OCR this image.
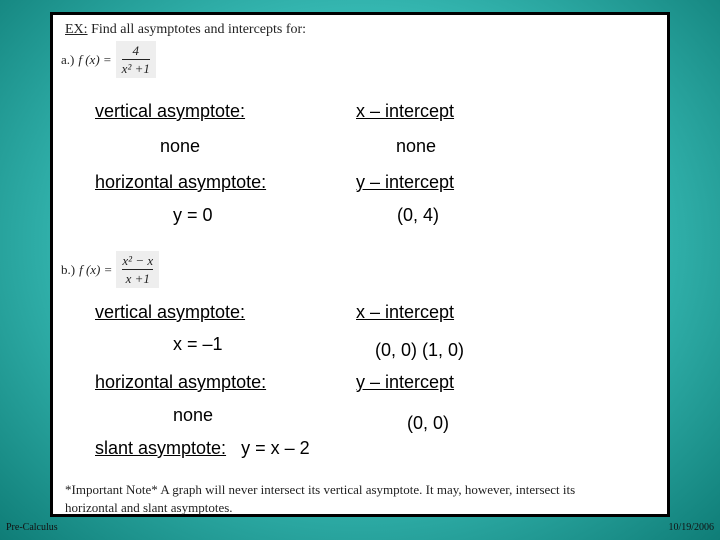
EX: Find all asymptotes and intercepts for:
a.) f $(x) = \frac{4}{\text{x² +1}}$
vertical asymptote:	x – intercept
none	none
horizontal asymptote:	y – intercept
y = 0	(0, 4)
b.) f $(x) = \frac{\text{x² − x}}{x +1}$
vertical asymptote:	x – intercept
x = –1	(0, 0) (1, 0)
horizontal asymptote:	y – intercept
none	(0, 0)
slant asymptote: y = x – 2
*Important Note* A graph will never intersect its vertical asymptote. It may, however, intersect its
horizontal and slant asymptotes.
Pre-Calculus	10/19/2006
